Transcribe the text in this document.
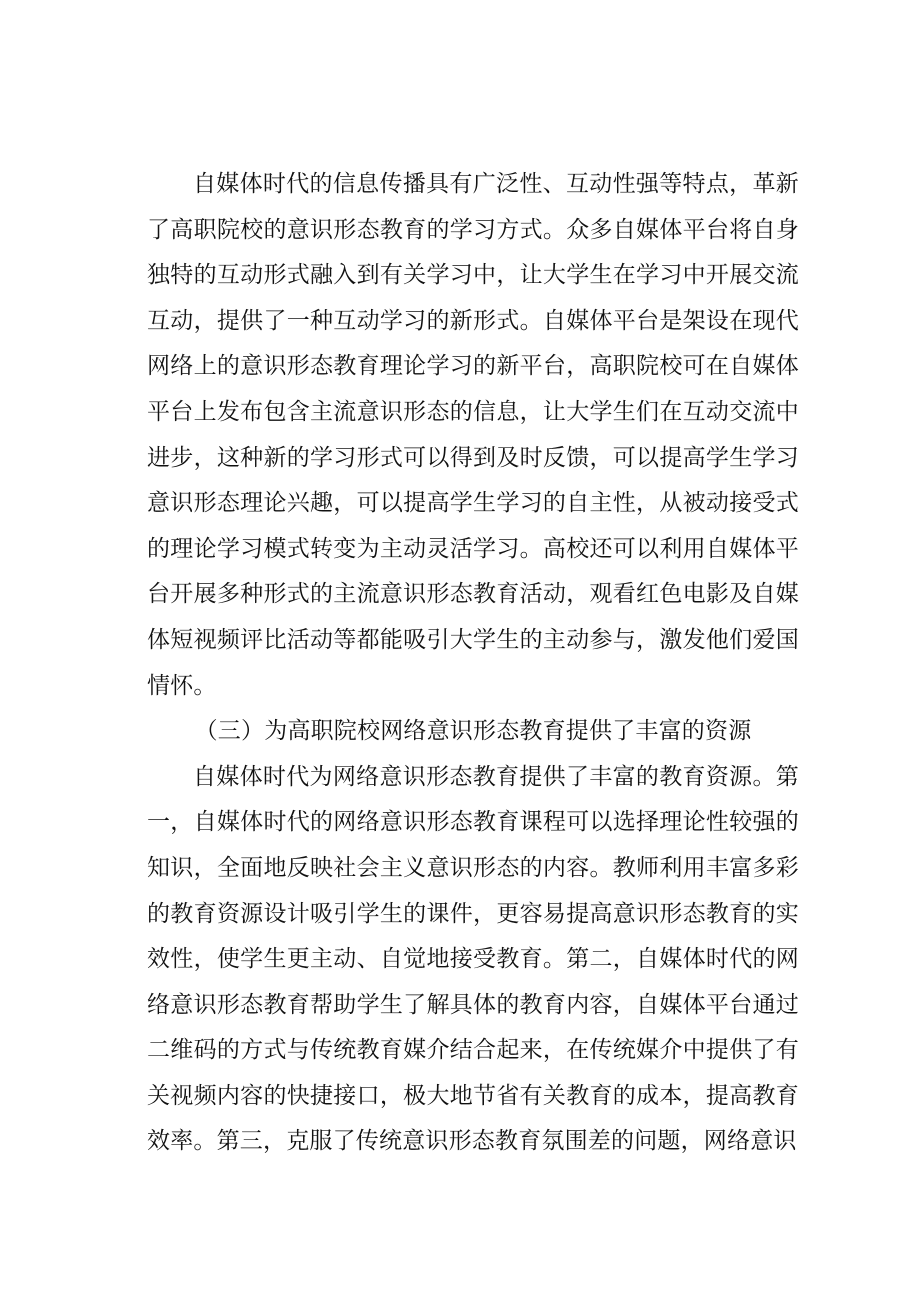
自媒体时代的信息传播具有广泛性、互动性强等特点，革新了高职院校的意识形态教育的学习方式。众多自媒体平台将自身独特的互动形式融入到有关学习中，让大学生在学习中开展交流互动，提供了一种互动学习的新形式。自媒体平台是架设在现代网络上的意识形态教育理论学习的新平台，高职院校可在自媒体平台上发布包含主流意识形态的信息，让大学生们在互动交流中进步，这种新的学习形式可以得到及时反馈，可以提高学生学习意识形态理论兴趣，可以提高学生学习的自主性，从被动接受式的理论学习模式转变为主动灵活学习。高校还可以利用自媒体平台开展多种形式的主流意识形态教育活动，观看红色电影及自媒体短视频评比活动等都能吸引大学生的主动参与，激发他们爱国情怀。

（三）为高职院校网络意识形态教育提供了丰富的资源

自媒体时代为网络意识形态教育提供了丰富的教育资源。第一，自媒体时代的网络意识形态教育课程可以选择理论性较强的知识，全面地反映社会主义意识形态的内容。教师利用丰富多彩的教育资源设计吸引学生的课件，更容易提高意识形态教育的实效性，使学生更主动、自觉地接受教育。第二，自媒体时代的网络意识形态教育帮助学生了解具体的教育内容，自媒体平台通过二维码的方式与传统教育媒介结合起来，在传统媒介中提供了有关视频内容的快捷接口，极大地节省有关教育的成本，提高教育效率。第三，克服了传统意识形态教育氛围差的问题，网络意识
